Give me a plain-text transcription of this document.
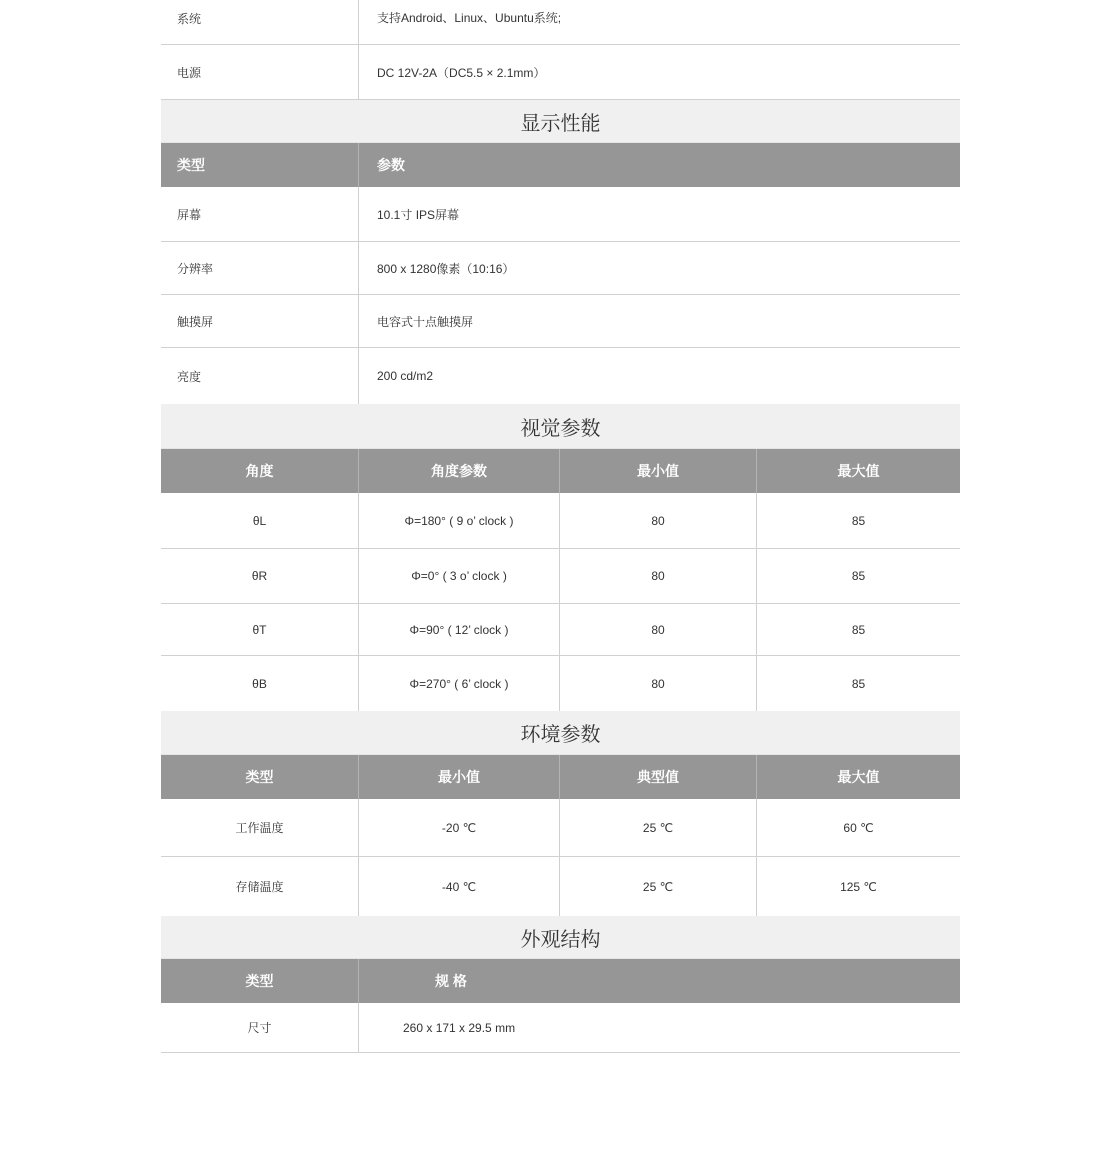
系统	支持Android、Linux、Ubuntu系统;
电源	DC 12V-2A（DC5.5 × 2.1mm）
显示性能
类型	参数
屏幕	10.1寸 IPS屏幕
分辨率	800 x 1280像素（10:16）
触摸屏	电容式十点触摸屏
亮度	200 cd/m2
视觉参数
角度	角度参数	最小值	最大值
θL	Φ=180° ( 9 o’ clock )	80	85
θR	Φ=0° ( 3 o’ clock )	80	85
θT	Φ=90° ( 12’ clock )	80	85
θB	Φ=270° ( 6’ clock )	80	85
环境参数
类型	最小值	典型值	最大值
工作温度	-20 ℃	25 ℃	60 ℃
存储温度	-40 ℃	25 ℃	125 ℃
外观结构
类型	规 格
尺寸	260 x 171 x 29.5 mm
